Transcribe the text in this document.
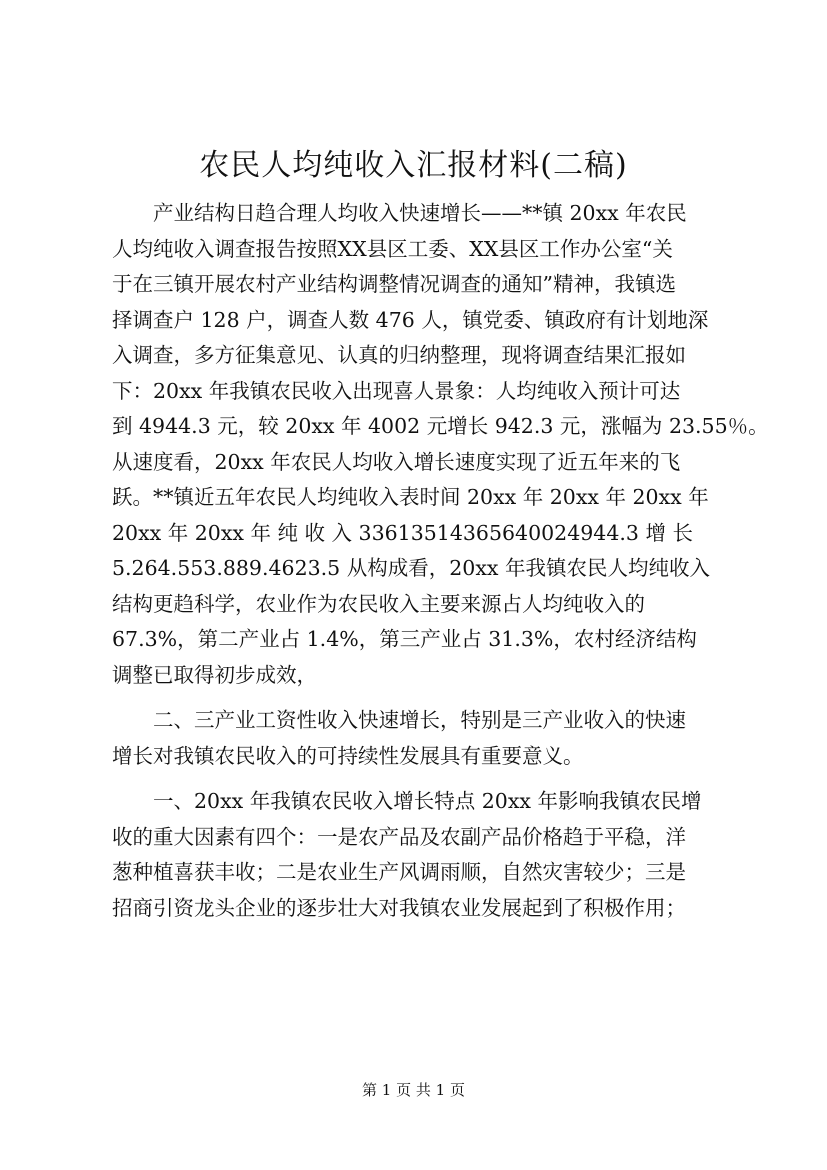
农民人均纯收入汇报材料(二稿)
　　产业结构日趋合理人均收入快速增长——**镇 20xx 年农民
人均纯收入调查报告按照XX县区工委、XX县区工作办公室“关
于在三镇开展农村产业结构调整情况调查的通知”精神，我镇选
择调查户 128 户，调查人数 476 人，镇党委、镇政府有计划地深
入调查，多方征集意见、认真的归纳整理，现将调查结果汇报如
下：20xx 年我镇农民收入出现喜人景象：人均纯收入预计可达
到 4944.3 元，较 20xx 年 4002 元增长 942.3 元，涨幅为 23.55％。
从速度看，20xx 年农民人均收入增长速度实现了近五年来的飞
跃。**镇近五年农民人均纯收入表时间 20xx 年 20xx 年 20xx 年
20xx 年 20xx 年 纯 收 入 33613514365640024944.3 增 长
5.264.553.889.4623.5 从构成看，20xx 年我镇农民人均纯收入
结构更趋科学，农业作为农民收入主要来源占人均纯收入的
67.3%，第二产业占 1.4%，第三产业占 31.3%，农村经济结构
调整已取得初步成效，
　　二、三产业工资性收入快速增长，特别是三产业收入的快速
增长对我镇农民收入的可持续性发展具有重要意义。
　　一、20xx 年我镇农民收入增长特点 20xx 年影响我镇农民增
收的重大因素有四个：一是农产品及农副产品价格趋于平稳，洋
葱种植喜获丰收；二是农业生产风调雨顺，自然灾害较少；三是
招商引资龙头企业的逐步壮大对我镇农业发展起到了积极作用；
第 1 页 共 1 页
